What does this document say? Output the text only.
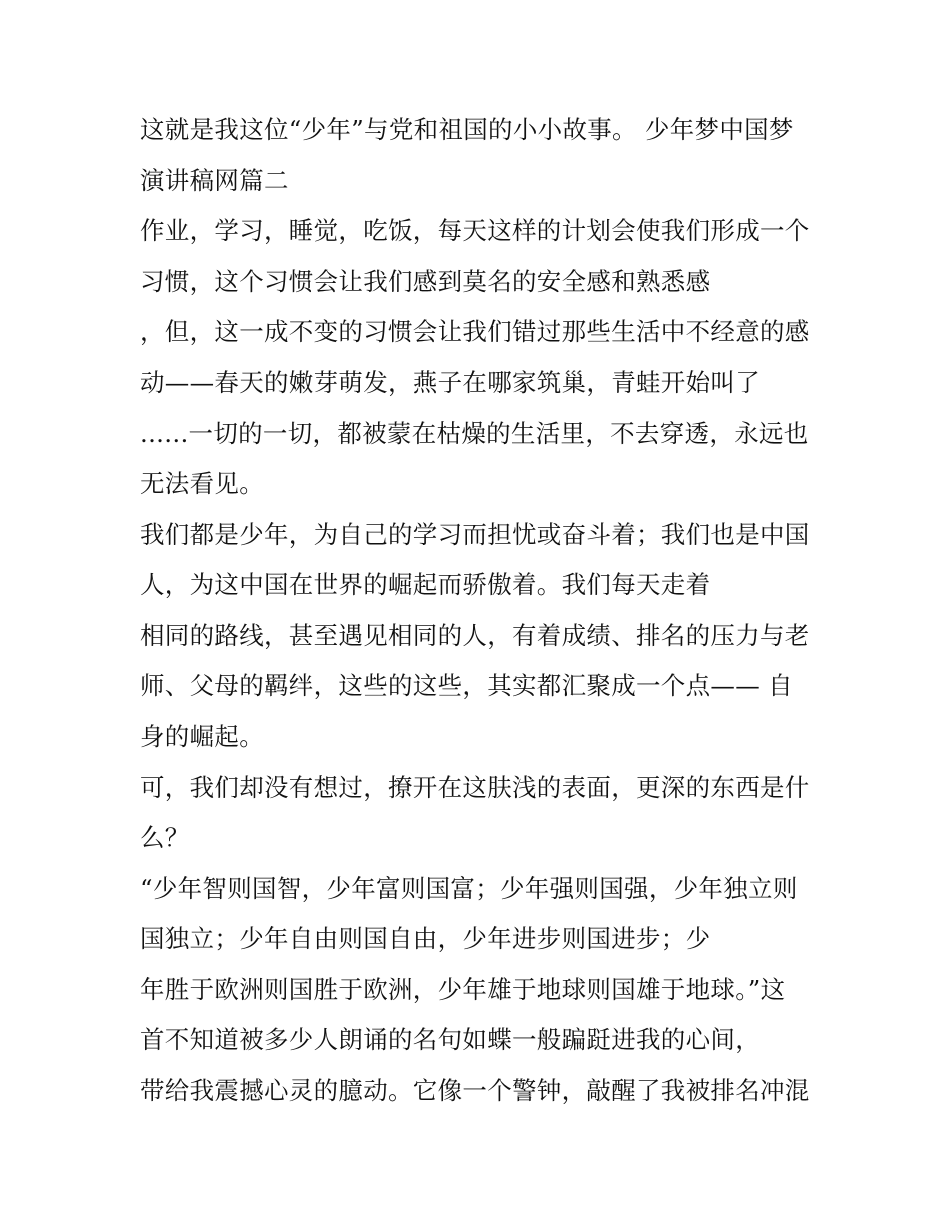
这就是我这位“少年”与党和祖国的小小故事。 少年梦中国梦
演讲稿网篇二
作业，学习，睡觉，吃饭，每天这样的计划会使我们形成一个
习惯，这个习惯会让我们感到莫名的安全感和熟悉感
，但，这一成不变的习惯会让我们错过那些生活中不经意的感
动——春天的嫩芽萌发，燕子在哪家筑巢，青蛙开始叫了
......一切的一切，都被蒙在枯燥的生活里，不去穿透，永远也
无法看见。
我们都是少年，为自己的学习而担忧或奋斗着；我们也是中国
人，为这中国在世界的崛起而骄傲着。我们每天走着
相同的路线，甚至遇见相同的人，有着成绩、排名的压力与老
师、父母的羁绊，这些的这些，其实都汇聚成一个点—— 自
身的崛起。
可，我们却没有想过，撩开在这肤浅的表面，更深的东西是什
么？
“少年智则国智，少年富则国富；少年强则国强，少年独立则
国独立；少年自由则国自由，少年进步则国进步；少
年胜于欧洲则国胜于欧洲，少年雄于地球则国雄于地球。”这
首不知道被多少人朗诵的名句如蝶一般蹁跹进我的心间，
带给我震撼心灵的臆动。它像一个警钟，敲醒了我被排名冲混
